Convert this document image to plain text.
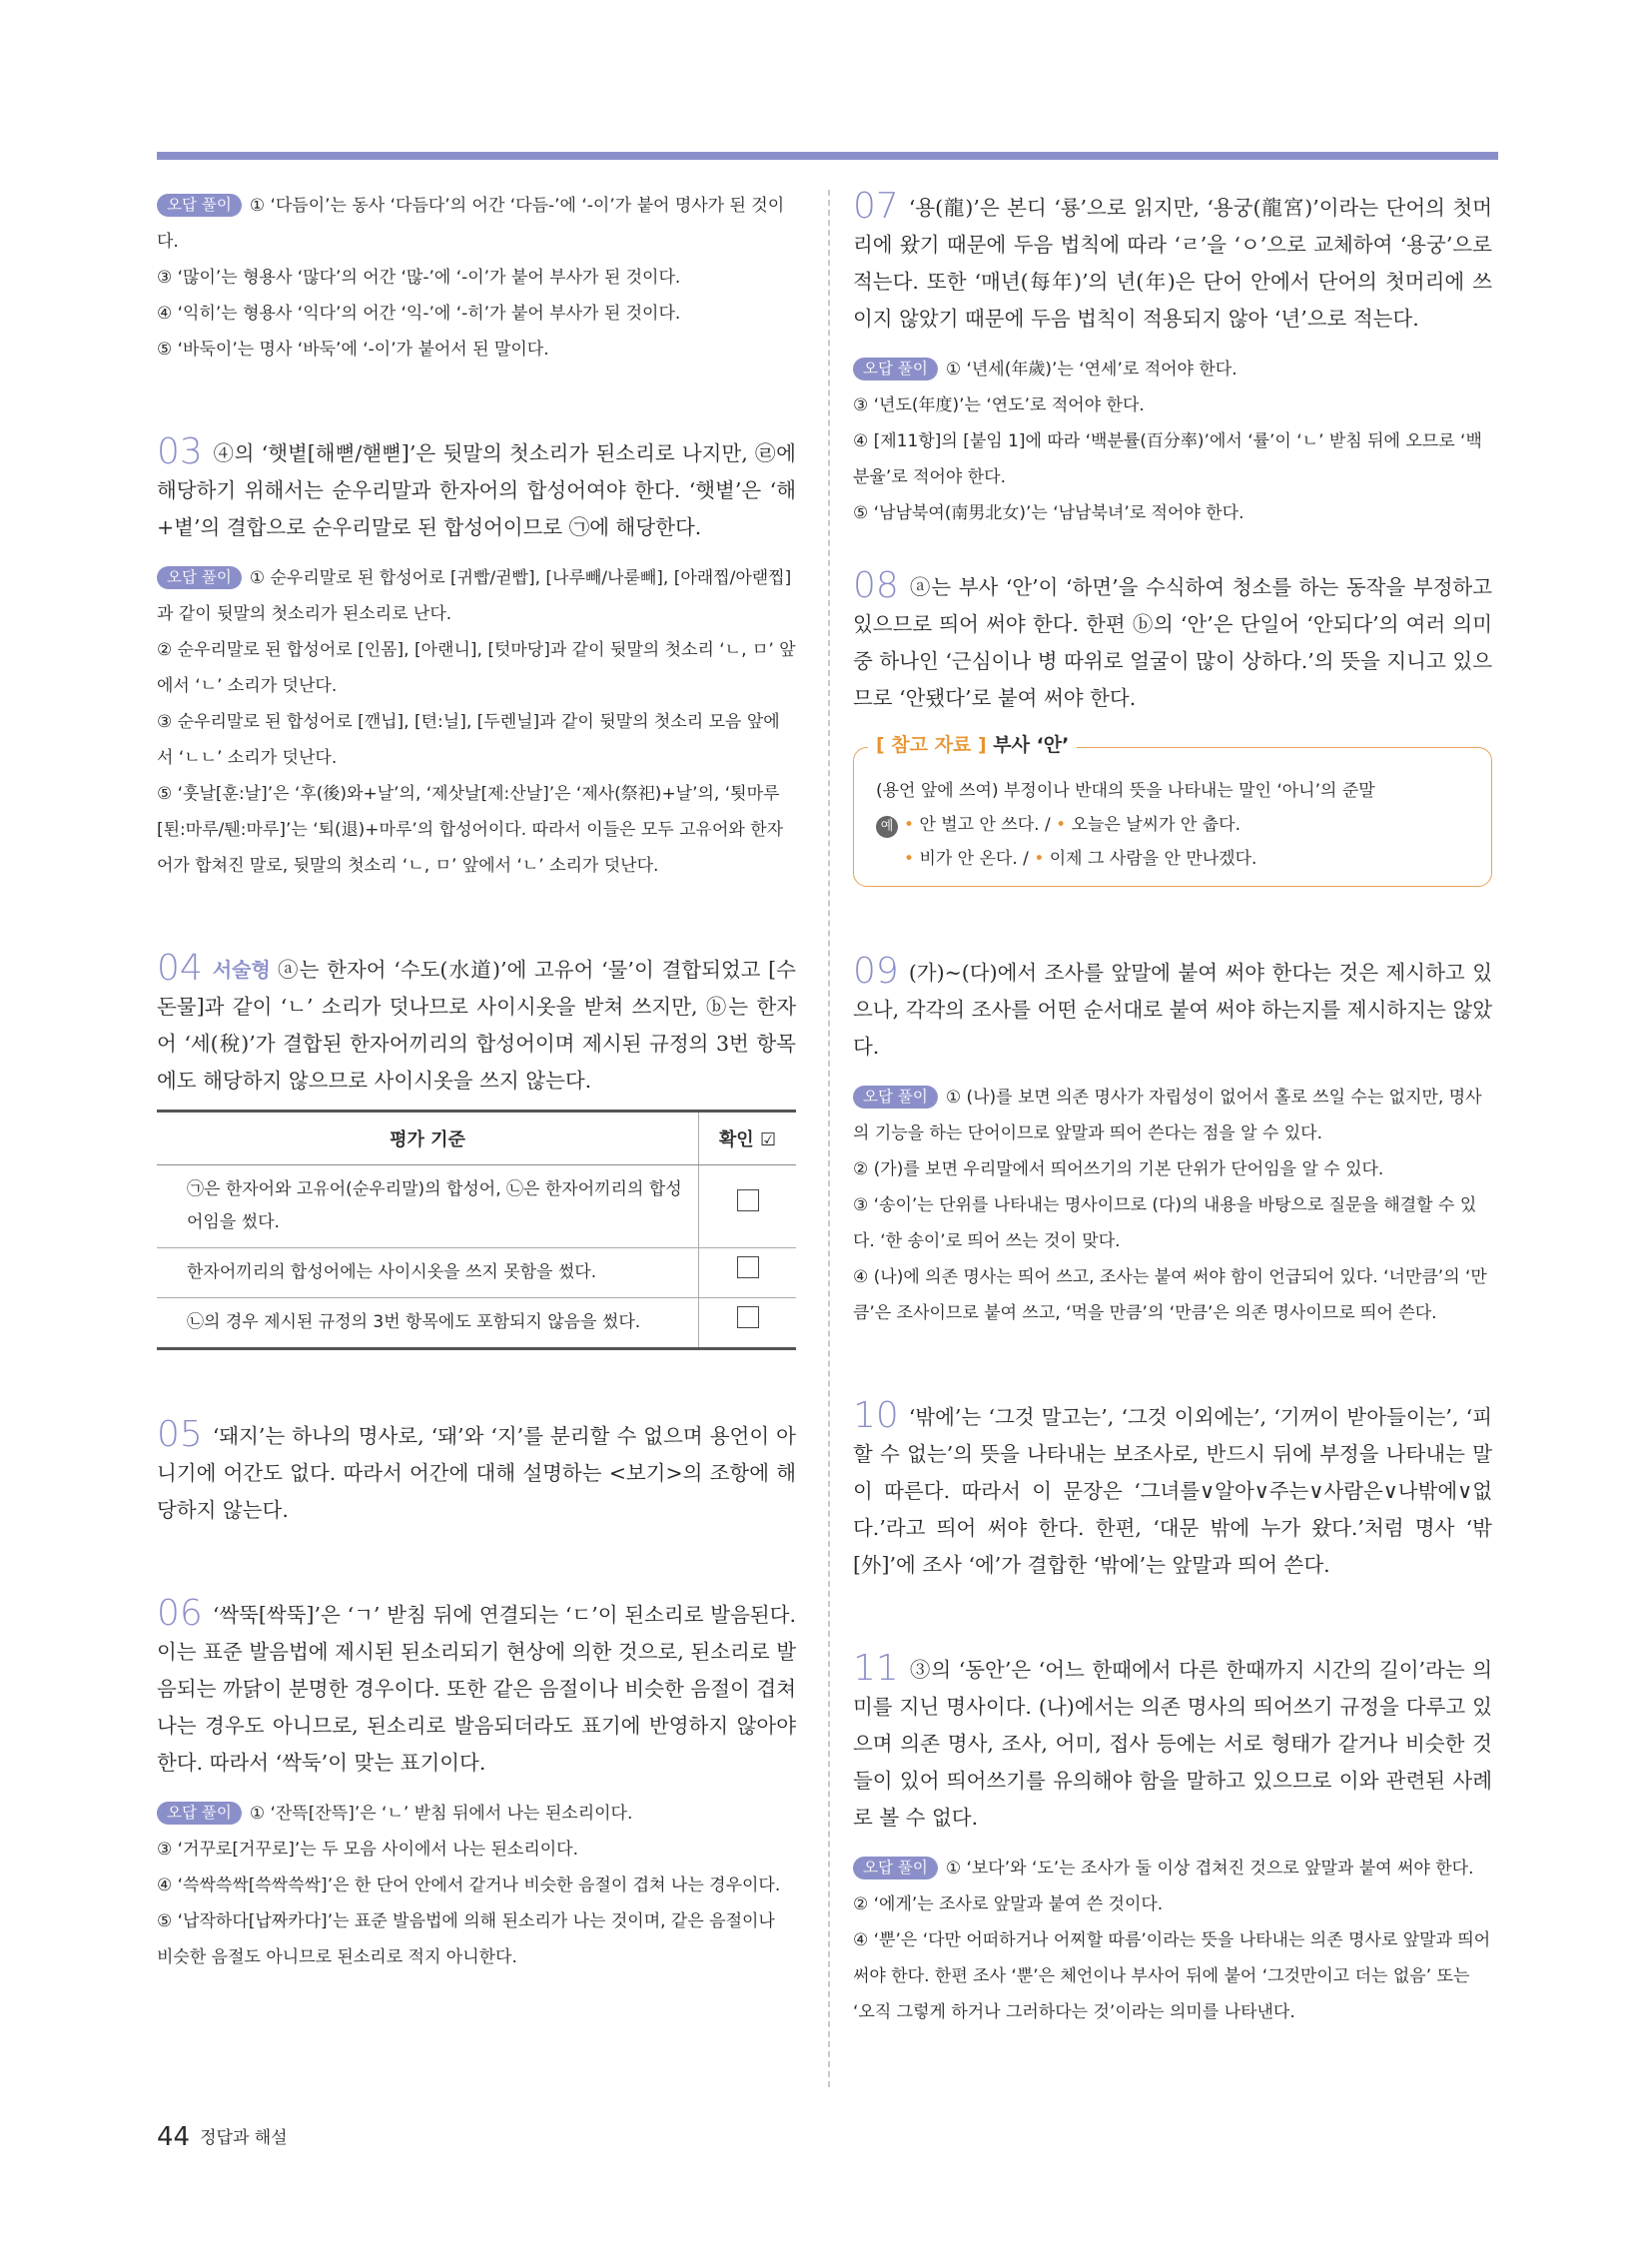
오답 풀이 ① ‘다듬이’는 동사 ‘다듬다’의 어간 ‘다듬-’에 ‘-이’가 붙어 명사가 된 것이다.

③ ‘많이’는 형용사 ‘많다’의 어간 ‘많-’에 ‘-이’가 붙어 부사가 된 것이다.

④ ‘익히’는 형용사 ‘익다’의 어간 ‘익-’에 ‘-히’가 붙어 부사가 된 것이다.

⑤ ‘바둑이’는 명사 ‘바둑’에 ‘-이’가 붙어서 된 말이다.

03 ④의 ‘햇볕[해뼏/핻뼏]’은 뒷말의 첫소리가 된소리로 나지만, ㉣에 해당하기 위해서는 순우리말과 한자어의 합성어여야 한다. ‘햇볕’은 ‘해+볕’의 결합으로 순우리말로 된 합성어이므로 ㉠에 해당한다.

오답 풀이 ① 순우리말로 된 합성어로 [귀빱/귇빱], [나루빼/나룯빼], [아래찝/아랟찝]과 같이 뒷말의 첫소리가 된소리로 난다.

② 순우리말로 된 합성어로 [인몸], [아랜니], [텃마당]과 같이 뒷말의 첫소리 ‘ㄴ, ㅁ’ 앞에서 ‘ㄴ’ 소리가 덧난다.

③ 순우리말로 된 합성어로 [깬닙], [텬:닐], [두렌닐]과 같이 뒷말의 첫소리 모음 앞에서 ‘ㄴㄴ’ 소리가 덧난다.

⑤ ‘훗날[훈:날]’은 ‘후(後)와+날’의, ‘제삿날[제:산날]’은 ‘제사(祭祀)+날’의, ‘툇마루[퇸:마루/퉨:마루]’는 ‘퇴(退)+마루’의 합성어이다. 따라서 이들은 모두 고유어와 한자어가 합쳐진 말로, 뒷말의 첫소리 ‘ㄴ, ㅁ’ 앞에서 ‘ㄴ’ 소리가 덧난다.

04 서술형 ⓐ는 한자어 ‘수도(水道)’에 고유어 ‘물’이 결합되었고 [수돈물]과 같이 ‘ㄴ’ 소리가 덧나므로 사이시옷을 받쳐 쓰지만, ⓑ는 한자어 ‘세(稅)’가 결합된 한자어끼리의 합성어이며 제시된 규정의 3번 항목에도 해당하지 않으므로 사이시옷을 쓰지 않는다.

평가 기준	확인 ☑
㉠은 한자어와 고유어(순우리말)의 합성어, ㉡은 한자어끼리의 합성어임을 썼다.	
한자어끼리의 합성어에는 사이시옷을 쓰지 못함을 썼다.	
㉡의 경우 제시된 규정의 3번 항목에도 포함되지 않음을 썼다.	

05 ‘돼지’는 하나의 명사로, ‘돼’와 ‘지’를 분리할 수 없으며 용언이 아니기에 어간도 없다. 따라서 어간에 대해 설명하는 <보기>의 조항에 해당하지 않는다.

06 ‘싹뚝[싹뚝]’은 ‘ㄱ’ 받침 뒤에 연결되는 ‘ㄷ’이 된소리로 발음된다. 이는 표준 발음법에 제시된 된소리되기 현상에 의한 것으로, 된소리로 발음되는 까닭이 분명한 경우이다. 또한 같은 음절이나 비슷한 음절이 겹쳐 나는 경우도 아니므로, 된소리로 발음되더라도 표기에 반영하지 않아야 한다. 따라서 ‘싹둑’이 맞는 표기이다.

오답 풀이 ① ‘잔뜩[잔뜩]’은 ‘ㄴ’ 받침 뒤에서 나는 된소리이다.

③ ‘거꾸로[거꾸로]’는 두 모음 사이에서 나는 된소리이다.

④ ‘쓱싹쓱싹[쓱싹쓱싹]’은 한 단어 안에서 같거나 비슷한 음절이 겹쳐 나는 경우이다.

⑤ ‘납작하다[납짜카다]’는 표준 발음법에 의해 된소리가 나는 것이며, 같은 음절이나 비슷한 음절도 아니므로 된소리로 적지 아니한다.

07 ‘용(龍)’은 본디 ‘룡’으로 읽지만, ‘용궁(龍宮)’이라는 단어의 첫머리에 왔기 때문에 두음 법칙에 따라 ‘ㄹ’을 ‘ㅇ’으로 교체하여 ‘용궁’으로 적는다. 또한 ‘매년(每年)’의 년(年)은 단어 안에서 단어의 첫머리에 쓰이지 않았기 때문에 두음 법칙이 적용되지 않아 ‘년’으로 적는다.

오답 풀이 ① ‘년세(年歲)’는 ‘연세’로 적어야 한다.

③ ‘년도(年度)’는 ‘연도’로 적어야 한다.

④ [제11항]의 [붙임 1]에 따라 ‘백분률(百分率)’에서 ‘률’이 ‘ㄴ’ 받침 뒤에 오므로 ‘백분율’로 적어야 한다.

⑤ ‘남남북여(南男北女)’는 ‘남남북녀’로 적어야 한다.

08 ⓐ는 부사 ‘안’이 ‘하면’을 수식하여 청소를 하는 동작을 부정하고 있으므로 띄어 써야 한다. 한편 ⓑ의 ‘안’은 단일어 ‘안되다’의 여러 의미 중 하나인 ‘근심이나 병 따위로 얼굴이 많이 상하다.’의 뜻을 지니고 있으므로 ‘안됐다’로 붙여 써야 한다.

[ 참고 자료 ] 부사 ‘안’
(용언 앞에 쓰여) 부정이나 반대의 뜻을 나타내는 말인 ‘아니’의 준말
예 • 안 벌고 안 쓰다. / • 오늘은 날씨가 안 춥다.
• 비가 안 온다. / • 이제 그 사람을 안 만나겠다.

09 (가)~(다)에서 조사를 앞말에 붙여 써야 한다는 것은 제시하고 있으나, 각각의 조사를 어떤 순서대로 붙여 써야 하는지를 제시하지는 않았다.

오답 풀이 ① (나)를 보면 의존 명사가 자립성이 없어서 홀로 쓰일 수는 없지만, 명사의 기능을 하는 단어이므로 앞말과 띄어 쓴다는 점을 알 수 있다.

② (가)를 보면 우리말에서 띄어쓰기의 기본 단위가 단어임을 알 수 있다.

③ ‘송이’는 단위를 나타내는 명사이므로 (다)의 내용을 바탕으로 질문을 해결할 수 있다. ‘한 송이’로 띄어 쓰는 것이 맞다.

④ (나)에 의존 명사는 띄어 쓰고, 조사는 붙여 써야 함이 언급되어 있다. ‘너만큼’의 ‘만큼’은 조사이므로 붙여 쓰고, ‘먹을 만큼’의 ‘만큼’은 의존 명사이므로 띄어 쓴다.

10 ‘밖에’는 ‘그것 말고는’, ‘그것 이외에는’, ‘기꺼이 받아들이는’, ‘피할 수 없는’의 뜻을 나타내는 보조사로, 반드시 뒤에 부정을 나타내는 말이 따른다. 따라서 이 문장은 ‘그녀를∨알아∨주는∨사람은∨나밖에∨없다.’라고 띄어 써야 한다. 한편, ‘대문 밖에 누가 왔다.’처럼 명사 ‘밖[外]’에 조사 ‘에’가 결합한 ‘밖에’는 앞말과 띄어 쓴다.

11 ③의 ‘동안’은 ‘어느 한때에서 다른 한때까지 시간의 길이’라는 의미를 지닌 명사이다. (나)에서는 의존 명사의 띄어쓰기 규정을 다루고 있으며 의존 명사, 조사, 어미, 접사 등에는 서로 형태가 같거나 비슷한 것들이 있어 띄어쓰기를 유의해야 함을 말하고 있으므로 이와 관련된 사례로 볼 수 없다.

오답 풀이 ① ‘보다’와 ‘도’는 조사가 둘 이상 겹쳐진 것으로 앞말과 붙여 써야 한다.

② ‘에게’는 조사로 앞말과 붙여 쓴 것이다.

④ ‘뿐’은 ‘다만 어떠하거나 어찌할 따름’이라는 뜻을 나타내는 의존 명사로 앞말과 띄어 써야 한다. 한편 조사 ‘뿐’은 체언이나 부사어 뒤에 붙어 ‘그것만이고 더는 없음’ 또는 ‘오직 그렇게 하거나 그러하다는 것’이라는 의미를 나타낸다.

44 정답과 해설
